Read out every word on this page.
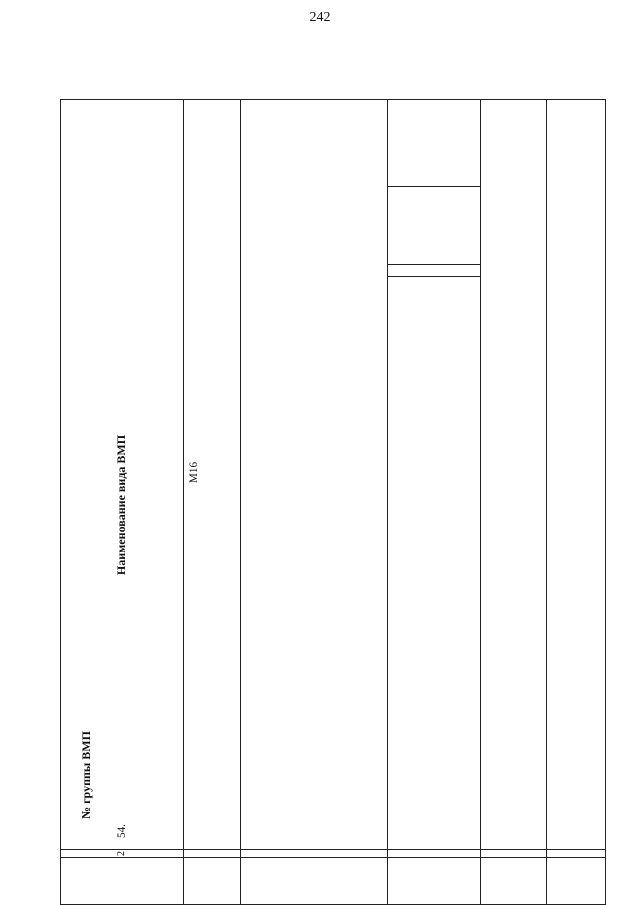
242
№ группы ВМП
Наименование вида ВМП
2
54.
M16
